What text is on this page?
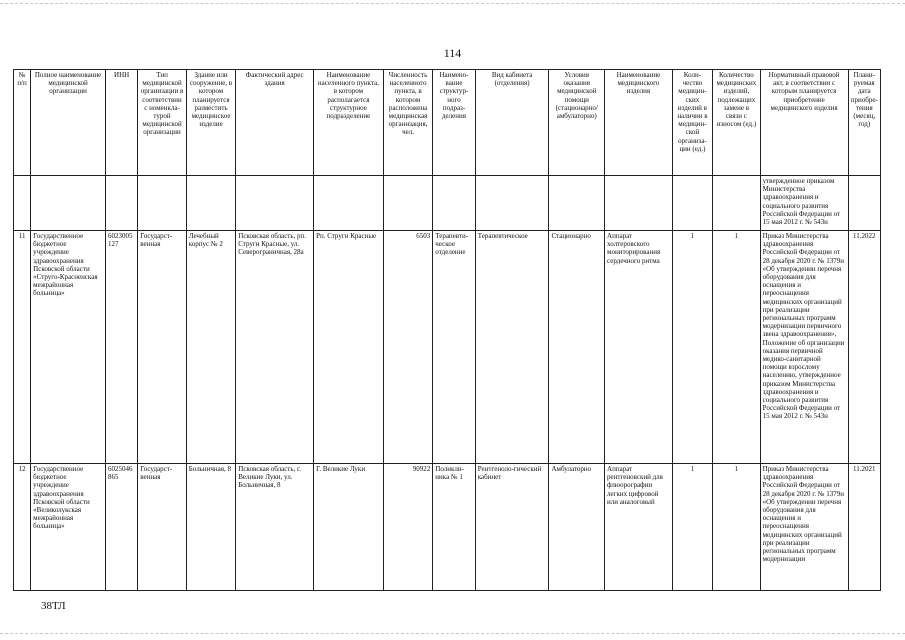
114
№ п/п	Полное наименование медицинской организации	ИНН	Тип медицинской организации в соответствии с номенкла-турой медицинской организации	Здание или сооружение, в котором планируется разместить медицинское изделие	Фактический адрес здания	Наименование населенного пункта, в котором располагается структурное подразделение	Численность населенного пункта, в котором расположена медицинская организация, чел.	Наимено-вание структур-ного подраз-деления	Вид кабинета (отделения)	Условия оказания медицинской помощи (стационарно/ амбулаторно)	Наименование медицинского изделия	Коли-чество медицин-ских изделий в наличии в медицин-ской организа-ции (ед.)	Количество медицинских изделий, подлежащих замене в связи с износом (ед.)	Нормативный правовой акт, в соответствии с которым планируется приобретение медицинского изделия	Плани-руемая дата приобре-тения (месяц, год)
														утвержденное приказом Министерства здравоохранения и социального развития Российской Федерации от 15 мая 2012 г. № 543н	
11	Государственное бюджетное учреждение здравоохранения Псковской области «Струго-Красненская межрайонная больница»	6023005127	Государст-венная	Лечебный корпус № 2	Псковская область, рп. Струги Красные, ул. Северограничная, 28а	Рп. Струги Красные	6503	Терапевти-ческое отделение	Терапевтическое	Стационарно	Аппарат холтеровского мониторирования сердечного ритма	1	1	Приказ Министерства здравоохранения Российской Федерации от 28 декабря 2020 г. № 1379н «Об утверждении перечня оборудования для оснащения и переоснащения медицинских организаций при реализации региональных программ модернизации первичного звена здравоохранения», Положение об организации оказания первичной медико-санитарной помощи взрослому населению, утвержденное приказом Министерства здравоохранения и социального развития Российской Федерации от 15 мая 2012 г. № 543н	11.2022
12	Государственное бюджетное учреждение здравоохранения Псковской области «Великолукская межрайонная больница»	6025046865	Государст-венная	Больничная, 8	Псковская область, г. Великие Луки, ул. Больничная, 8	Г. Великие Луки	90922	Поликли-ника № 1	Рентгеноло-гический кабинет	Амбулаторно	Аппарат рентгеновский для флюорографии легких цифровой или аналоговый	1	1	Приказ Министерства здравоохранения Российской Федерации от 28 декабря 2020 г. № 1379н «Об утверждении перечня оборудования для оснащения и переоснащения медицинских организаций при реализации региональных программ модернизации	11.2021
38ТЛ
